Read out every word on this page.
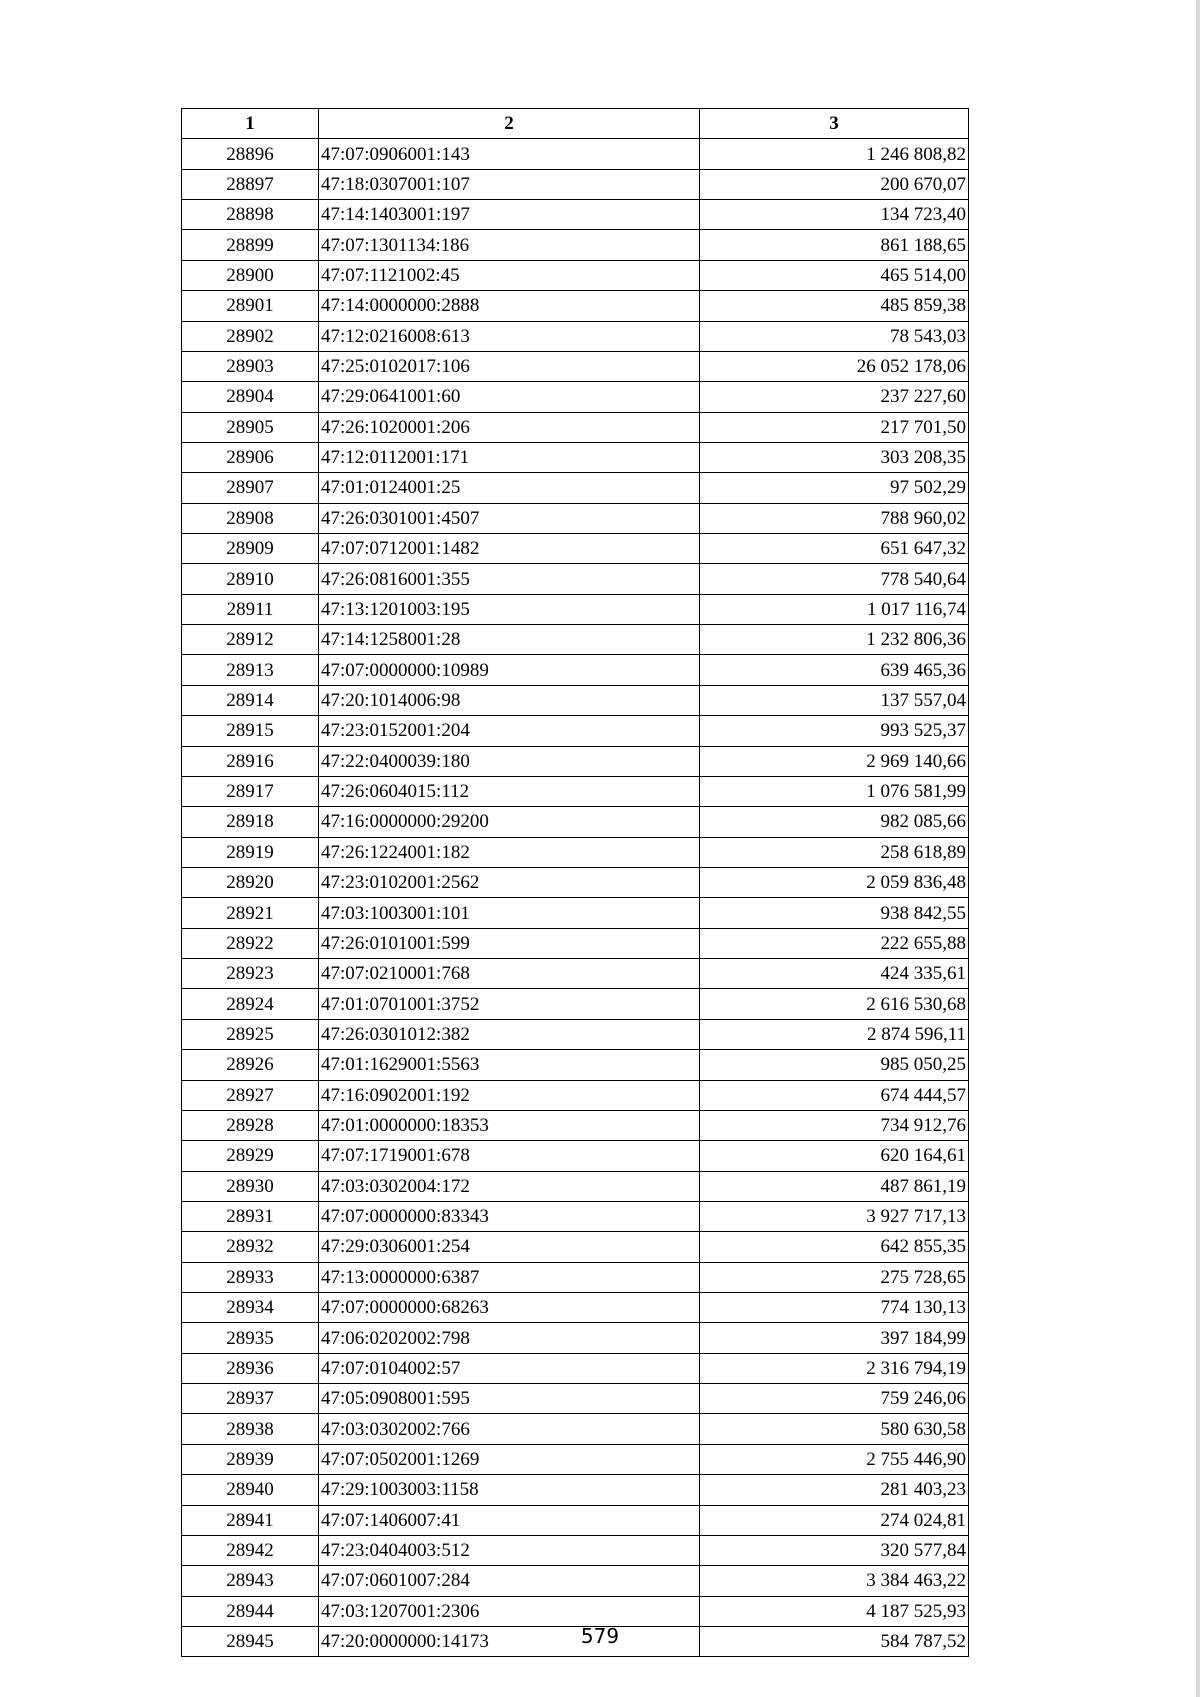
1	2	3
28896	47:07:0906001:143	1 246 808,82
28897	47:18:0307001:107	200 670,07
28898	47:14:1403001:197	134 723,40
28899	47:07:1301134:186	861 188,65
28900	47:07:1121002:45	465 514,00
28901	47:14:0000000:2888	485 859,38
28902	47:12:0216008:613	78 543,03
28903	47:25:0102017:106	26 052 178,06
28904	47:29:0641001:60	237 227,60
28905	47:26:1020001:206	217 701,50
28906	47:12:0112001:171	303 208,35
28907	47:01:0124001:25	97 502,29
28908	47:26:0301001:4507	788 960,02
28909	47:07:0712001:1482	651 647,32
28910	47:26:0816001:355	778 540,64
28911	47:13:1201003:195	1 017 116,74
28912	47:14:1258001:28	1 232 806,36
28913	47:07:0000000:10989	639 465,36
28914	47:20:1014006:98	137 557,04
28915	47:23:0152001:204	993 525,37
28916	47:22:0400039:180	2 969 140,66
28917	47:26:0604015:112	1 076 581,99
28918	47:16:0000000:29200	982 085,66
28919	47:26:1224001:182	258 618,89
28920	47:23:0102001:2562	2 059 836,48
28921	47:03:1003001:101	938 842,55
28922	47:26:0101001:599	222 655,88
28923	47:07:0210001:768	424 335,61
28924	47:01:0701001:3752	2 616 530,68
28925	47:26:0301012:382	2 874 596,11
28926	47:01:1629001:5563	985 050,25
28927	47:16:0902001:192	674 444,57
28928	47:01:0000000:18353	734 912,76
28929	47:07:1719001:678	620 164,61
28930	47:03:0302004:172	487 861,19
28931	47:07:0000000:83343	3 927 717,13
28932	47:29:0306001:254	642 855,35
28933	47:13:0000000:6387	275 728,65
28934	47:07:0000000:68263	774 130,13
28935	47:06:0202002:798	397 184,99
28936	47:07:0104002:57	2 316 794,19
28937	47:05:0908001:595	759 246,06
28938	47:03:0302002:766	580 630,58
28939	47:07:0502001:1269	2 755 446,90
28940	47:29:1003003:1158	281 403,23
28941	47:07:1406007:41	274 024,81
28942	47:23:0404003:512	320 577,84
28943	47:07:0601007:284	3 384 463,22
28944	47:03:1207001:2306	4 187 525,93
28945	47:20:0000000:14173	584 787,52
579
